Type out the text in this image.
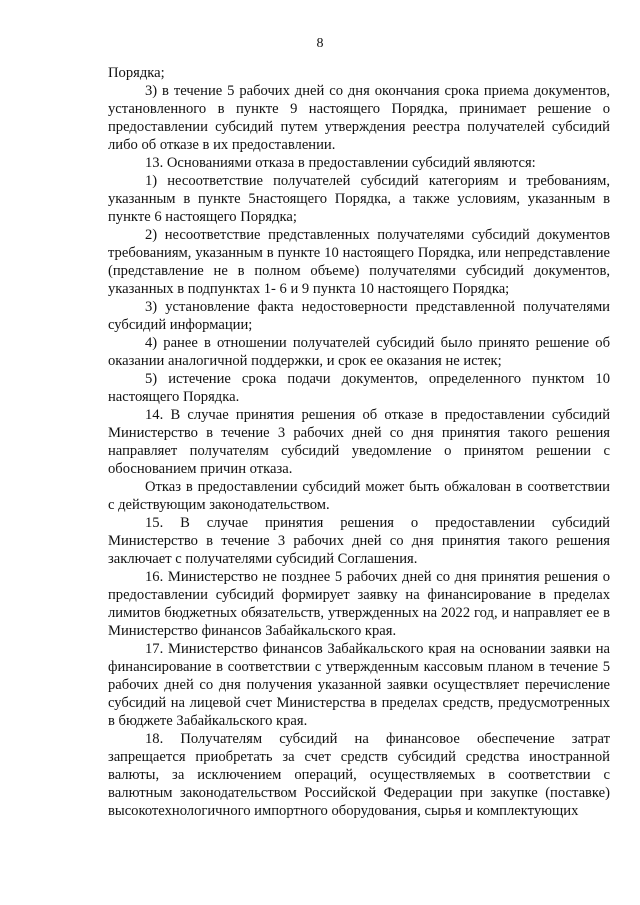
8

Порядка;

3) в течение 5 рабочих дней со дня окончания срока приема документов, установленного в пункте 9 настоящего Порядка, принимает решение о предоставлении субсидий путем утверждения реестра получателей субсидий либо об отказе в их предоставлении.

13. Основаниями отказа в предоставлении субсидий являются:

1) несоответствие получателей субсидий категориям и требованиям, указанным в пункте 5настоящего Порядка, а также условиям, указанным в пункте 6 настоящего Порядка;

2) несоответствие представленных получателями субсидий документов требованиям, указанным в пункте 10 настоящего Порядка, или непредставление (представление не в полном объеме) получателями субсидий документов, указанных в подпунктах 1- 6 и 9 пункта 10 настоящего Порядка;

3) установление факта недостоверности представленной получателями субсидий информации;

4) ранее в отношении получателей субсидий было принято решение об оказании аналогичной поддержки, и срок ее оказания не истек;

5) истечение срока подачи документов, определенного пунктом 10 настоящего Порядка.

14. В случае принятия решения об отказе в предоставлении субсидий Министерство в течение 3 рабочих дней со дня принятия такого решения направляет получателям субсидий уведомление о принятом решении с обоснованием причин отказа.

Отказ в предоставлении субсидий может быть обжалован в соответствии с действующим законодательством.

15. В случае принятия решения о предоставлении субсидий Министерство в течение 3 рабочих дней со дня принятия такого решения заключает с получателями субсидий Соглашения.

16. Министерство не позднее 5 рабочих дней со дня принятия решения о предоставлении субсидий формирует заявку на финансирование в пределах лимитов бюджетных обязательств, утвержденных на 2022 год, и направляет ее в Министерство финансов Забайкальского края.

17. Министерство финансов Забайкальского края на основании заявки на финансирование в соответствии с утвержденным кассовым планом в течение 5 рабочих дней со дня получения указанной заявки осуществляет перечисление субсидий на лицевой счет Министерства в пределах средств, предусмотренных в бюджете Забайкальского края.

18. Получателям субсидий на финансовое обеспечение затрат запрещается приобретать за счет средств субсидий средства иностранной валюты, за исключением операций, осуществляемых в соответствии с валютным законодательством Российской Федерации при закупке (поставке) высокотехнологичного импортного оборудования, сырья и комплектующих
